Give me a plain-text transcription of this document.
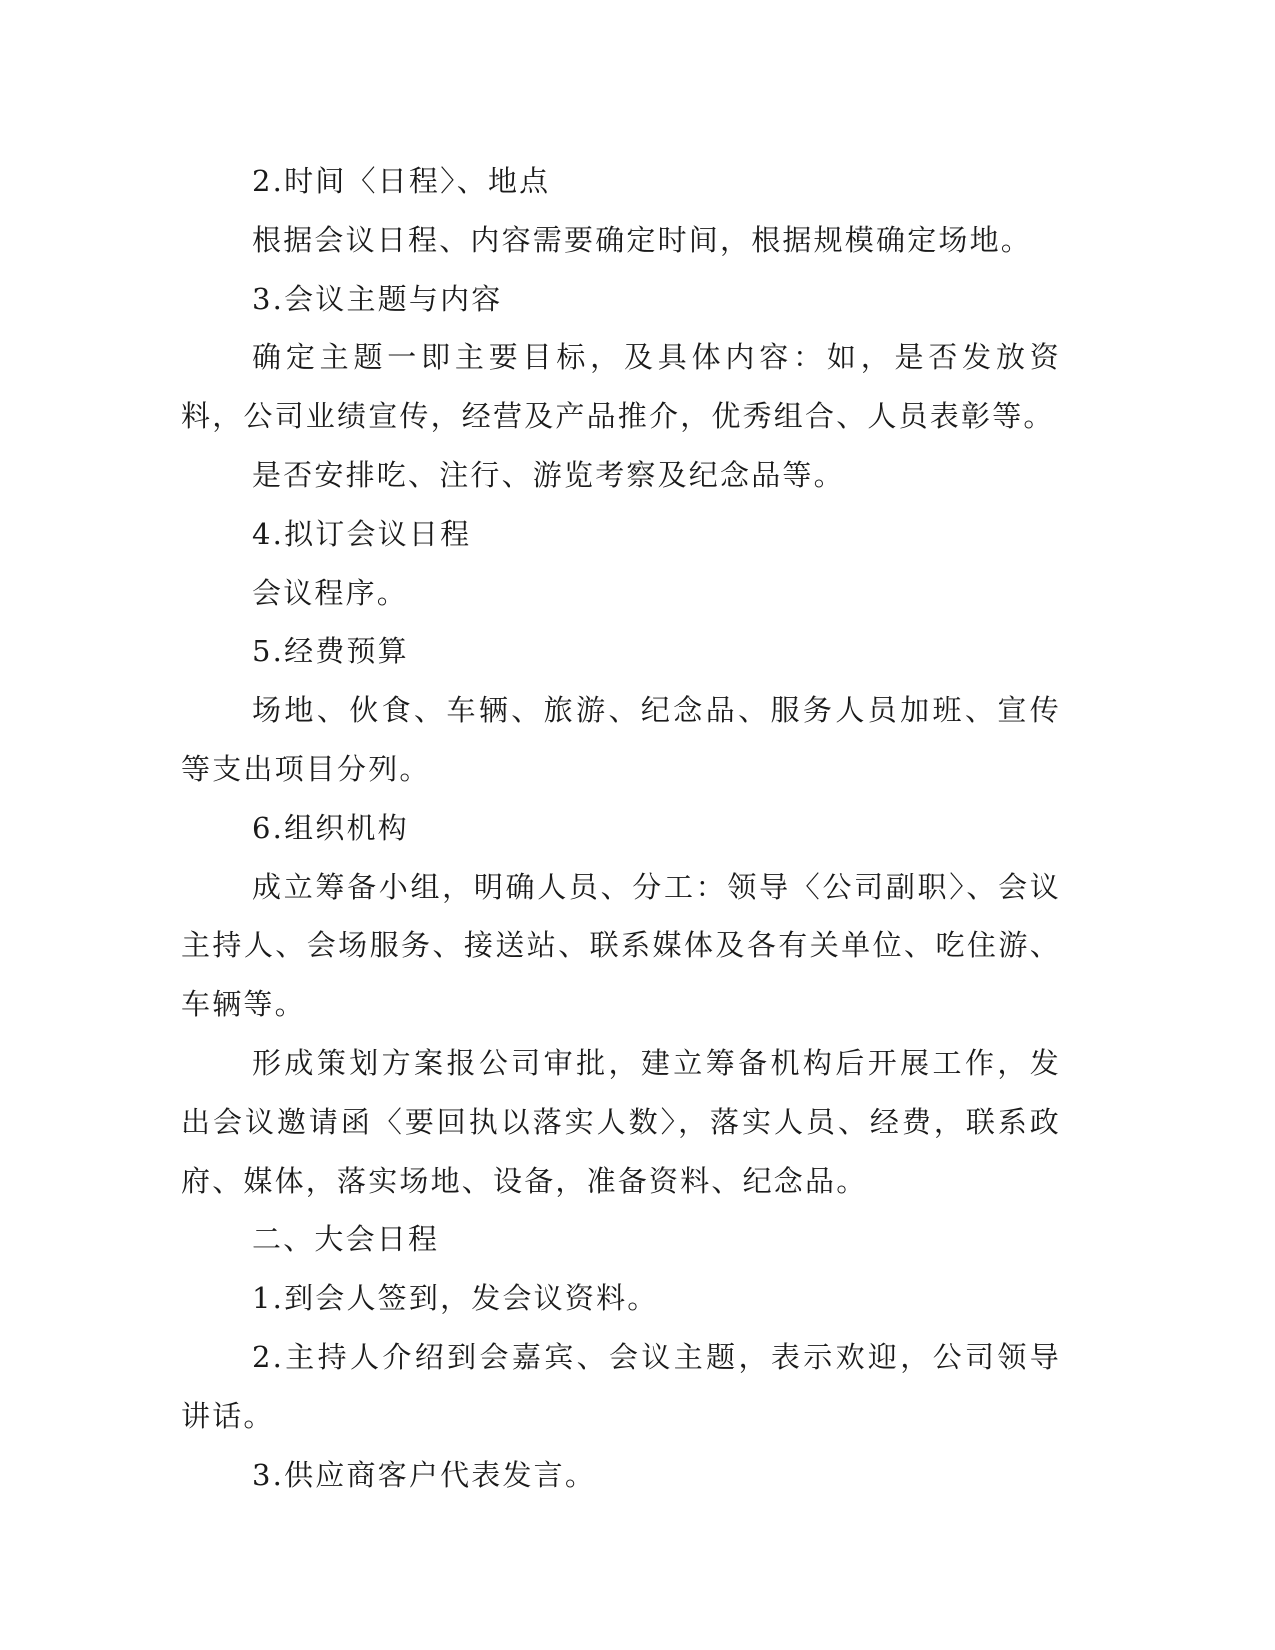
2.时间〈日程〉、地点

根据会议日程、内容需要确定时间，根据规模确定场地。

3.会议主题与内容

确定主题一即主要目标，及具体内容：如，是否发放资料，公司业绩宣传，经营及产品推介，优秀组合、人员表彰等。

是否安排吃、注行、游览考察及纪念品等。

4.拟订会议日程

会议程序。

5.经费预算

场地、伙食、车辆、旅游、纪念品、服务人员加班、宣传等支出项目分列。

6.组织机构

成立筹备小组，明确人员、分工：领导〈公司副职〉、会议主持人、会场服务、接送站、联系媒体及各有关单位、吃住游、车辆等。

形成策划方案报公司审批，建立筹备机构后开展工作，发出会议邀请函〈要回执以落实人数〉，落实人员、经费，联系政府、媒体，落实场地、设备，准备资料、纪念品。

二、大会日程

1.到会人签到，发会议资料。

2.主持人介绍到会嘉宾、会议主题，表示欢迎，公司领导讲话。

3.供应商客户代表发言。
